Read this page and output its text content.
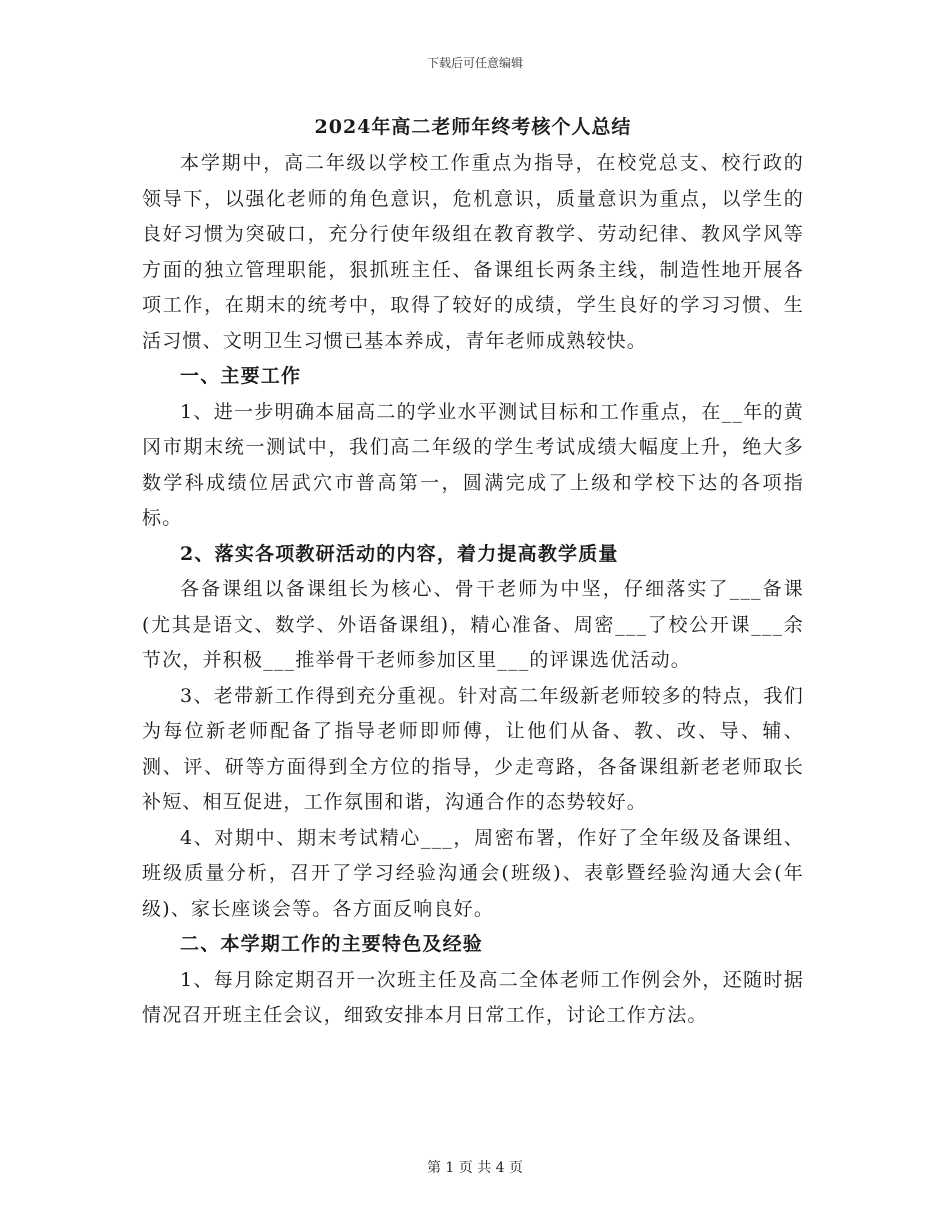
下载后可任意编辑
2024年高二老师年终考核个人总结

本学期中，高二年级以学校工作重点为指导，在校党总支、校行政的领导下，以强化老师的角色意识，危机意识，质量意识为重点，以学生的良好习惯为突破口，充分行使年级组在教育教学、劳动纪律、教风学风等方面的独立管理职能，狠抓班主任、备课组长两条主线，制造性地开展各项工作，在期末的统考中，取得了较好的成绩，学生良好的学习习惯、生活习惯、文明卫生习惯已基本养成，青年老师成熟较快。

一、主要工作

1、进一步明确本届高二的学业水平测试目标和工作重点，在__年的黄冈市期末统一测试中，我们高二年级的学生考试成绩大幅度上升，绝大多数学科成绩位居武穴市普高第一，圆满完成了上级和学校下达的各项指标。

2、落实各项教研活动的内容，着力提高教学质量

各备课组以备课组长为核心、骨干老师为中坚，仔细落实了___备课(尤其是语文、数学、外语备课组)，精心准备、周密___了校公开课___余节次，并积极___推举骨干老师参加区里___的评课选优活动。

3、老带新工作得到充分重视。针对高二年级新老师较多的特点，我们为每位新老师配备了指导老师即师傅，让他们从备、教、改、导、辅、测、评、研等方面得到全方位的指导，少走弯路，各备课组新老老师取长补短、相互促进，工作氛围和谐，沟通合作的态势较好。

4、对期中、期末考试精心___，周密布署，作好了全年级及备课组、班级质量分析，召开了学习经验沟通会(班级)、表彰暨经验沟通大会(年级)、家长座谈会等。各方面反响良好。

二、本学期工作的主要特色及经验

1、每月除定期召开一次班主任及高二全体老师工作例会外，还随时据情况召开班主任会议，细致安排本月日常工作，讨论工作方法。

第 1 页 共 4 页
